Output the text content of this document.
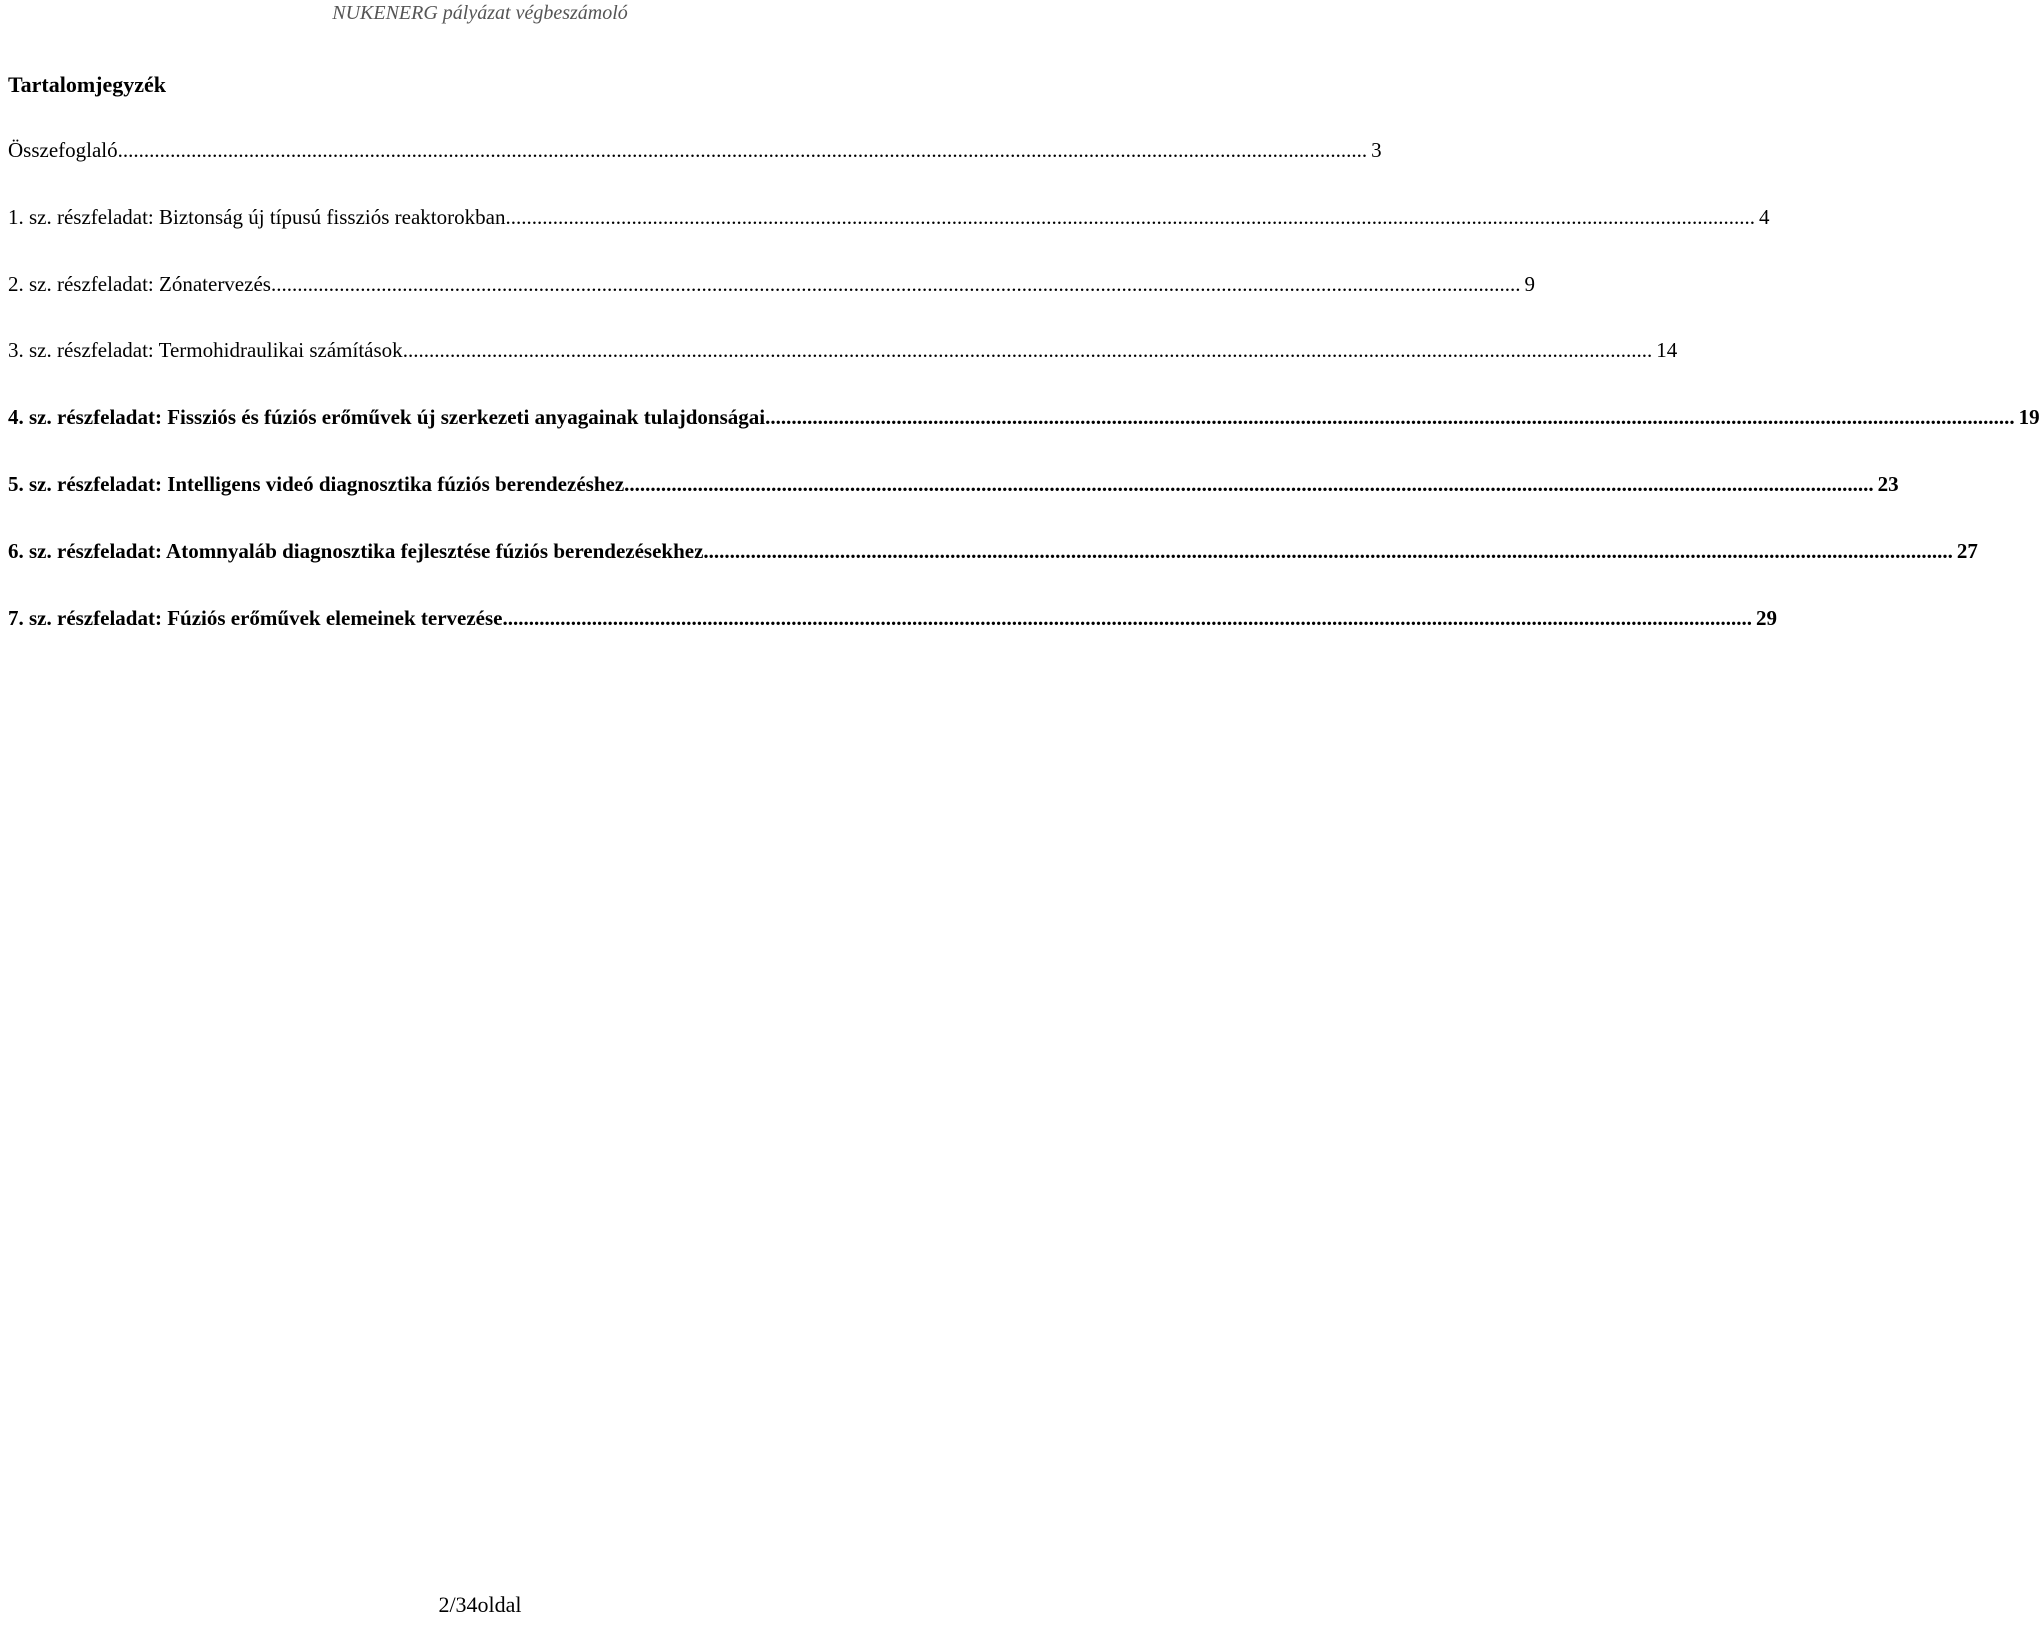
NUKENERG pályázat végbeszámoló
Tartalomjegyzék
Összefoglaló .....	3
1. sz. részfeladat: Biztonság új típusú fissziós reaktorokban .....	4
2. sz. részfeladat: Zónatervezés .....	9
3. sz. részfeladat: Termohidraulikai számítások .....	14
4. sz. részfeladat: Fissziós és fúziós erőművek új szerkezeti anyagainak tulajdonságai .....	19
5. sz. részfeladat: Intelligens videó diagnosztika fúziós berendezéshez .....	23
6. sz. részfeladat: Atomnyaláb diagnosztika fejlesztése fúziós berendezésekhez .....	27
7. sz. részfeladat: Fúziós erőművek elemeinek tervezése .....	29
2/34oldal
